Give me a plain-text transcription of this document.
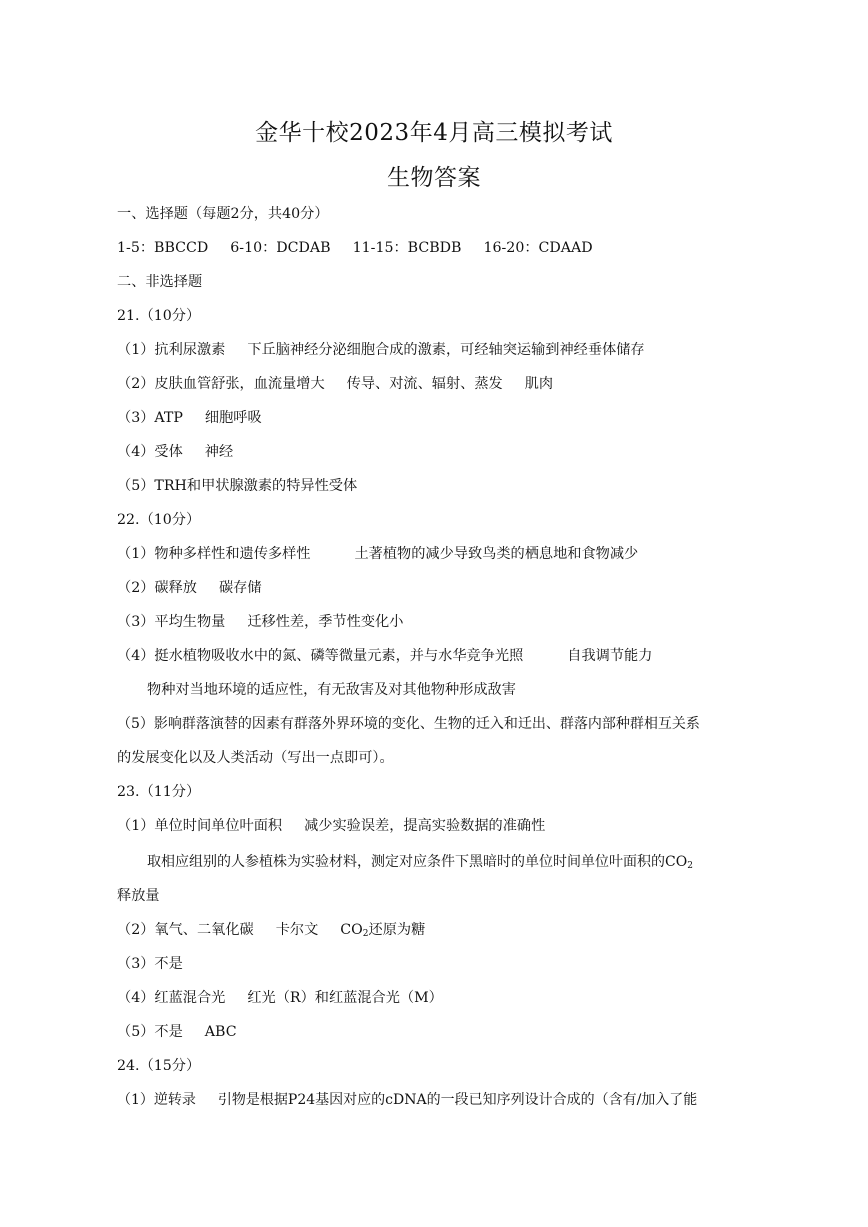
金华十校2023年4月高三模拟考试
生物答案
一、选择题（每题2分，共40分）
1-5：BBCCD 6-10：DCDAB 11-15：BCBDB 16-20：CDAAD
二、非选择题
21.（10分）
（1）抗利尿激素 下丘脑神经分泌细胞合成的激素，可经轴突运输到神经垂体储存
（2）皮肤血管舒张，血流量增大 传导、对流、辐射、蒸发 肌肉
（3）ATP 细胞呼吸
（4）受体 神经
（5）TRH和甲状腺激素的特异性受体
22.（10分）
（1）物种多样性和遗传多样性	土著植物的减少导致鸟类的栖息地和食物减少
（2）碳释放 碳存储
（3）平均生物量 迁移性差，季节性变化小
（4）挺水植物吸收水中的氮、磷等微量元素，并与水华竞争光照	自我调节能力
物种对当地环境的适应性，有无敌害及对其他物种形成敌害
（5）影响群落演替的因素有群落外界环境的变化、生物的迁入和迁出、群落内部种群相互关系
的发展变化以及人类活动（写出一点即可）。
23.（11分）
（1）单位时间单位叶面积 减少实验误差，提高实验数据的准确性
取相应组别的人参植株为实验材料，测定对应条件下黑暗时的单位时间单位叶面积的$CO_2$
释放量
（2）氧气、二氧化碳 卡尔文 $CO_2$还原为糖
（3）不是
（4）红蓝混合光 红光（R）和红蓝混合光（M）
（5）不是 ABC
24.（15分）
（1）逆转录 引物是根据P24基因对应的cDNA的一段已知序列设计合成的（含有/加入了能
